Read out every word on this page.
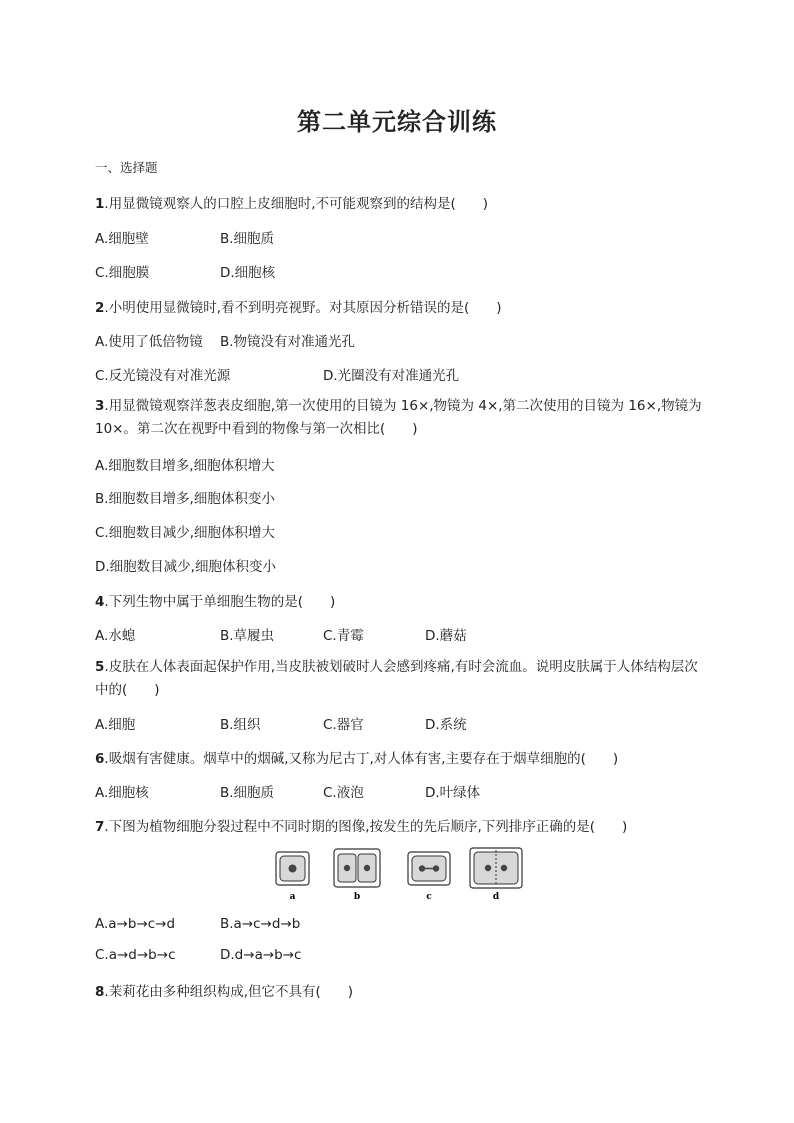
第二单元综合训练
一、选择题
1.用显微镜观察人的口腔上皮细胞时,不可能观察到的结构是(　　)
A.细胞壁	B.细胞质
C.细胞膜	D.细胞核
2.小明使用显微镜时,看不到明亮视野。对其原因分析错误的是(　　)
A.使用了低倍物镜 B.物镜没有对准通光孔
C.反光镜没有对准光源	D.光圈没有对准通光孔
3.用显微镜观察洋葱表皮细胞,第一次使用的目镜为 16×,物镜为 4×,第二次使用的目镜为 16×,物镜为 10×。第二次在视野中看到的物像与第一次相比(　　)
A.细胞数目增多,细胞体积增大
B.细胞数目增多,细胞体积变小
C.细胞数目减少,细胞体积增大
D.细胞数目减少,细胞体积变小
4.下列生物中属于单细胞生物的是(　　)
A.水螅	B.草履虫	C.青霉	D.蘑菇
5.皮肤在人体表面起保护作用,当皮肤被划破时人会感到疼痛,有时会流血。说明皮肤属于人体结构层次中的(　　)
A.细胞	B.组织	C.器官	D.系统
6.吸烟有害健康。烟草中的烟碱,又称为尼古丁,对人体有害,主要存在于烟草细胞的(　　)
A.细胞核	B.细胞质	C.液泡	D.叶绿体
7.下图为植物细胞分裂过程中不同时期的图像,按发生的先后顺序,下列排序正确的是(　　)
a	b	c	d
A.a→b→c→d	B.a→c→d→b
C.a→d→b→c	D.d→a→b→c
8.茉莉花由多种组织构成,但它不具有(　　)
